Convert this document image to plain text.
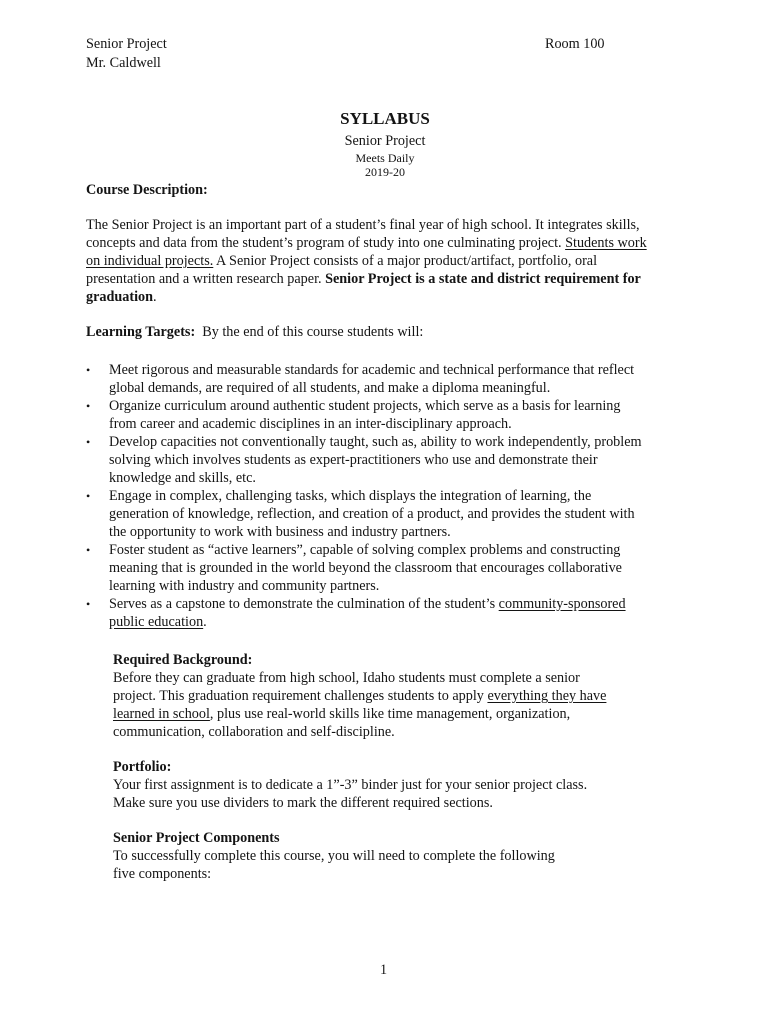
Senior Project
Mr. Caldwell
Room 100
SYLLABUS
Senior Project
Meets Daily
2019-20
Course Description:

The Senior Project is an important part of a student’s final year of high school. It integrates skills,

concepts and data from the student’s program of study into one culminating project. Students work

on individual projects. A Senior Project consists of a major product/artifact, portfolio, oral

presentation and a written research paper. Senior Project is a state and district requirement for

graduation.

Learning Targets:  By the end of this course students will:
• Meet rigorous and measurable standards for academic and technical performance that reflect
global demands, are required of all students, and make a diploma meaningful.
• Organize curriculum around authentic student projects, which serve as a basis for learning
from career and academic disciplines in an inter-disciplinary approach.
• Develop capacities not conventionally taught, such as, ability to work independently, problem
solving which involves students as expert-practitioners who use and demonstrate their
knowledge and skills, etc.
• Engage in complex, challenging tasks, which displays the integration of learning, the
generation of knowledge, reflection, and creation of a product, and provides the student with
the opportunity to work with business and industry partners.
• Foster student as “active learners”, capable of solving complex problems and constructing
meaning that is grounded in the world beyond the classroom that encourages collaborative
learning with industry and community partners.
• Serves as a capstone to demonstrate the culmination of the student’s community-sponsored
public education.

Required Background:

Before they can graduate from high school, Idaho students must complete a senior

project. This graduation requirement challenges students to apply everything they have

learned in school, plus use real-world skills like time management, organization,

communication, collaboration and self-discipline.

Portfolio:

Your first assignment is to dedicate a 1”-3” binder just for your senior project class.

Make sure you use dividers to mark the different required sections.

Senior Project Components

To successfully complete this course, you will need to complete the following

five components:

1
